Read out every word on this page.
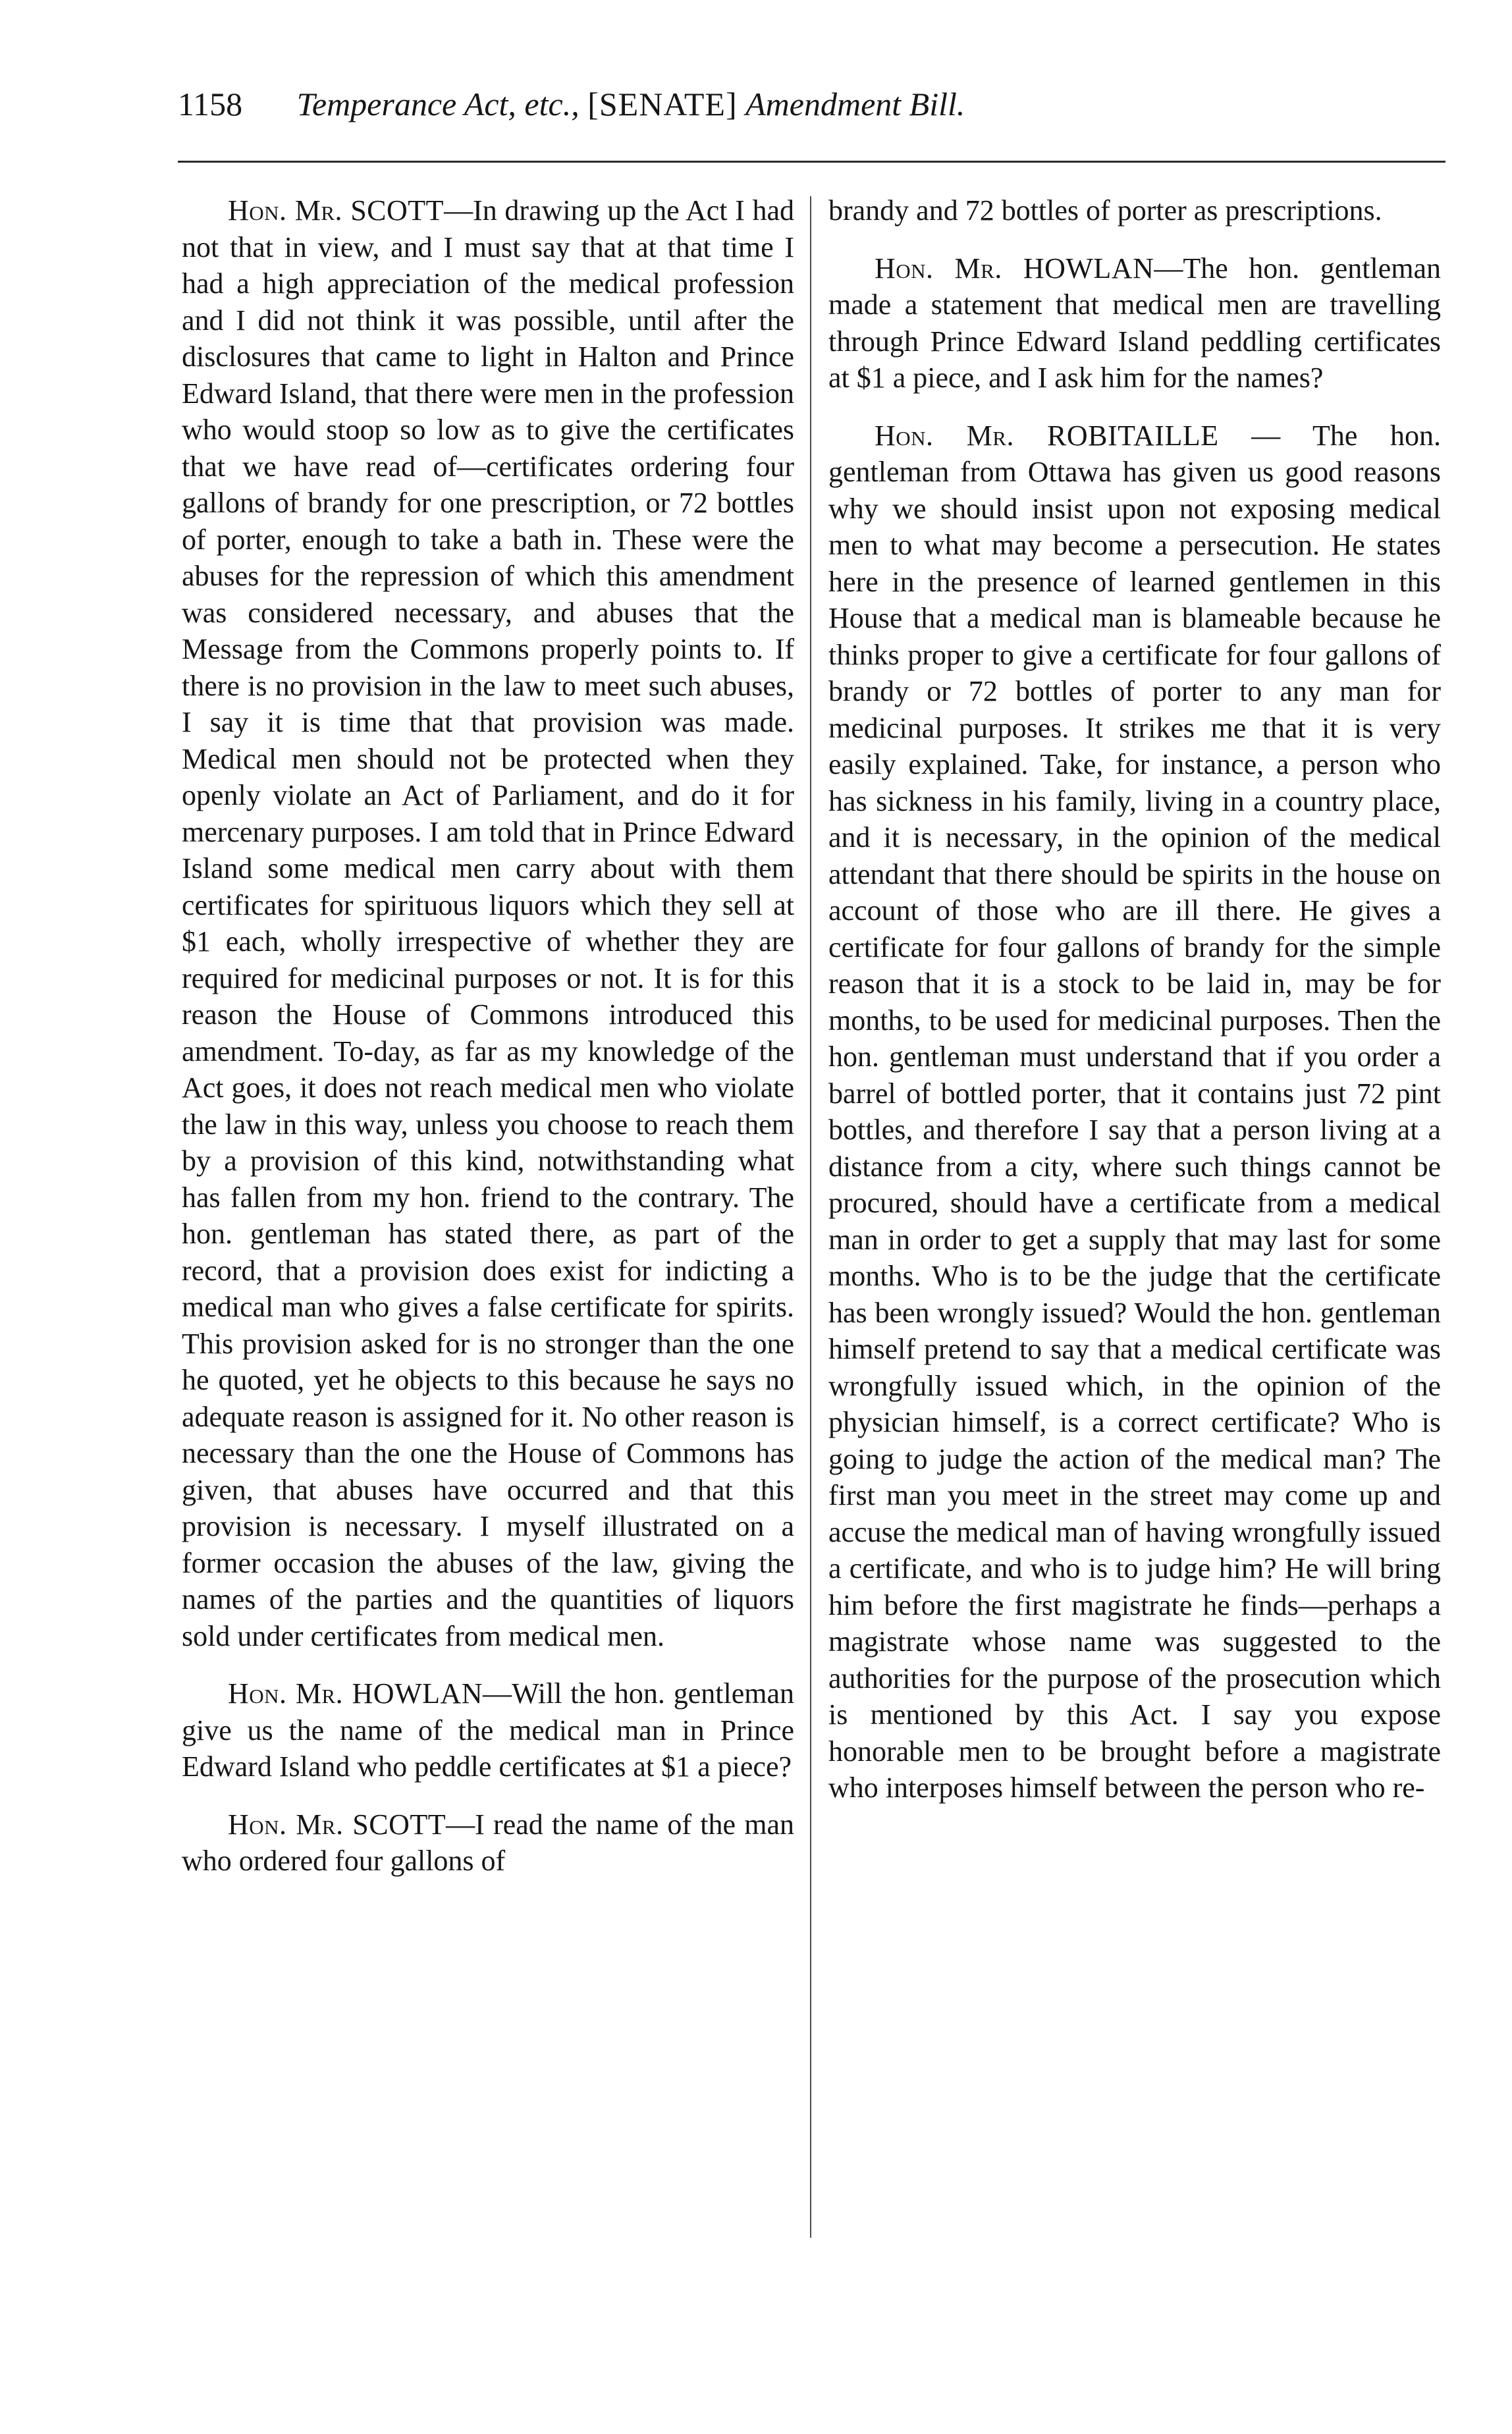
1158 Temperance Act, etc., [SENATE] Amendment Bill.

Hon. Mr. SCOTT—In drawing up the Act I had not that in view, and I must say that at that time I had a high appreciation of the medical profession and I did not think it was possible, until after the disclosures that came to light in Halton and Prince Edward Island, that there were men in the profession who would stoop so low as to give the certificates that we have read of—certificates ordering four gallons of brandy for one prescription, or 72 bottles of porter, enough to take a bath in. These were the abuses for the repression of which this amendment was considered necessary, and abuses that the Message from the Commons properly points to. If there is no provision in the law to meet such abuses, I say it is time that that provision was made. Medical men should not be protected when they openly violate an Act of Parliament, and do it for mercenary purposes. I am told that in Prince Edward Island some medical men carry about with them certificates for spirituous liquors which they sell at $1 each, wholly irrespective of whether they are required for medicinal purposes or not. It is for this reason the House of Commons introduced this amendment. To-day, as far as my knowledge of the Act goes, it does not reach medical men who violate the law in this way, unless you choose to reach them by a provision of this kind, notwithstanding what has fallen from my hon. friend to the contrary. The hon. gentleman has stated there, as part of the record, that a provision does exist for indicting a medical man who gives a false certificate for spirits. This provision asked for is no stronger than the one he quoted, yet he objects to this because he says no adequate reason is assigned for it. No other reason is necessary than the one the House of Commons has given, that abuses have occurred and that this provision is necessary. I myself illustrated on a former occasion the abuses of the law, giving the names of the parties and the quantities of liquors sold under certificates from medical men.

Hon. Mr. HOWLAN—Will the hon. gentleman give us the name of the medical man in Prince Edward Island who peddle certificates at $1 a piece?

Hon. Mr. SCOTT—I read the name of the man who ordered four gallons of

brandy and 72 bottles of porter as prescriptions.

Hon. Mr. HOWLAN—The hon. gentleman made a statement that medical men are travelling through Prince Edward Island peddling certificates at $1 a piece, and I ask him for the names?

Hon. Mr. ROBITAILLE — The hon. gentleman from Ottawa has given us good reasons why we should insist upon not exposing medical men to what may become a persecution. He states here in the presence of learned gentlemen in this House that a medical man is blameable because he thinks proper to give a certificate for four gallons of brandy or 72 bottles of porter to any man for medicinal purposes. It strikes me that it is very easily explained. Take, for instance, a person who has sickness in his family, living in a country place, and it is necessary, in the opinion of the medical attendant that there should be spirits in the house on account of those who are ill there. He gives a certificate for four gallons of brandy for the simple reason that it is a stock to be laid in, may be for months, to be used for medicinal purposes. Then the hon. gentleman must understand that if you order a barrel of bottled porter, that it contains just 72 pint bottles, and therefore I say that a person living at a distance from a city, where such things cannot be procured, should have a certificate from a medical man in order to get a supply that may last for some months. Who is to be the judge that the certificate has been wrongly issued? Would the hon. gentleman himself pretend to say that a medical certificate was wrongfully issued which, in the opinion of the physician himself, is a correct certificate? Who is going to judge the action of the medical man? The first man you meet in the street may come up and accuse the medical man of having wrongfully issued a certificate, and who is to judge him? He will bring him before the first magistrate he finds—perhaps a magistrate whose name was suggested to the authorities for the purpose of the prosecution which is mentioned by this Act. I say you expose honorable men to be brought before a magistrate who interposes himself between the person who re-
